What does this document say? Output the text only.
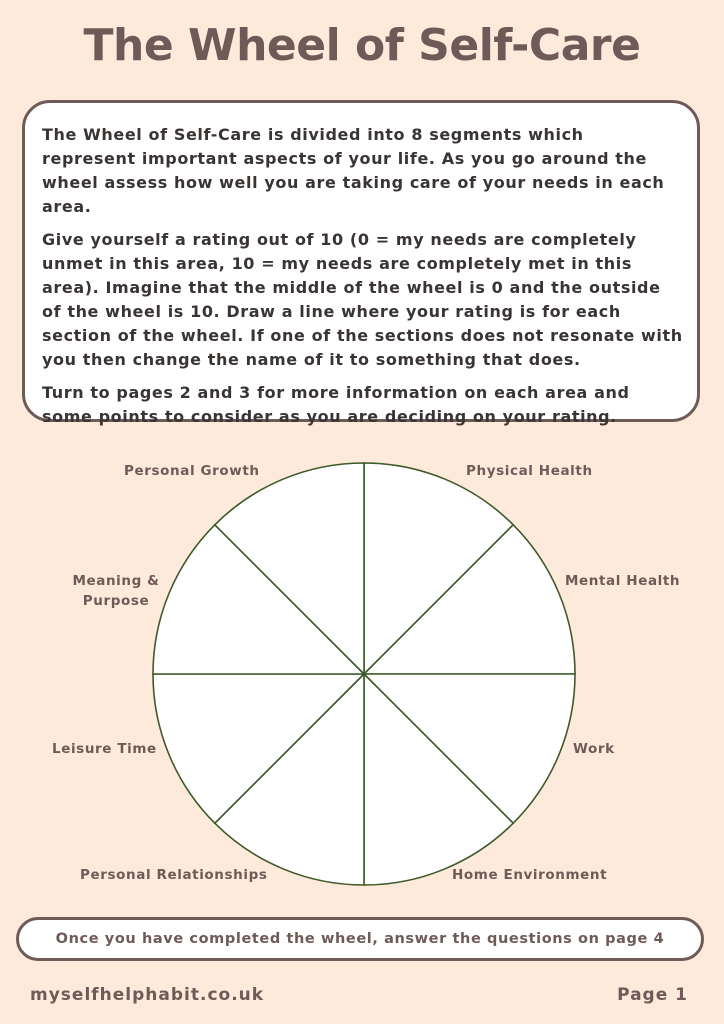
The Wheel of Self-Care

The Wheel of Self-Care is divided into 8 segments which represent important aspects of your life. As you go around the wheel assess how well you are taking care of your needs in each area.

Give yourself a rating out of 10 (0 = my needs are completely unmet in this area, 10 = my needs are completely met in this area). Imagine that the middle of the wheel is 0 and the outside of the wheel is 10. Draw a line where your rating is for each section of the wheel. If one of the sections does not resonate with you then change the name of it to something that does.

Turn to pages 2 and 3 for more information on each area and some points to consider as you are deciding on your rating.

Personal Growth	Physical Health
Meaning & Purpose
Mental Health
Leisure Time	Work
Personal Relationships	Home Environment
Once you have completed the wheel, answer the questions on page 4
myselfhelphabit.co.uk	Page 1
